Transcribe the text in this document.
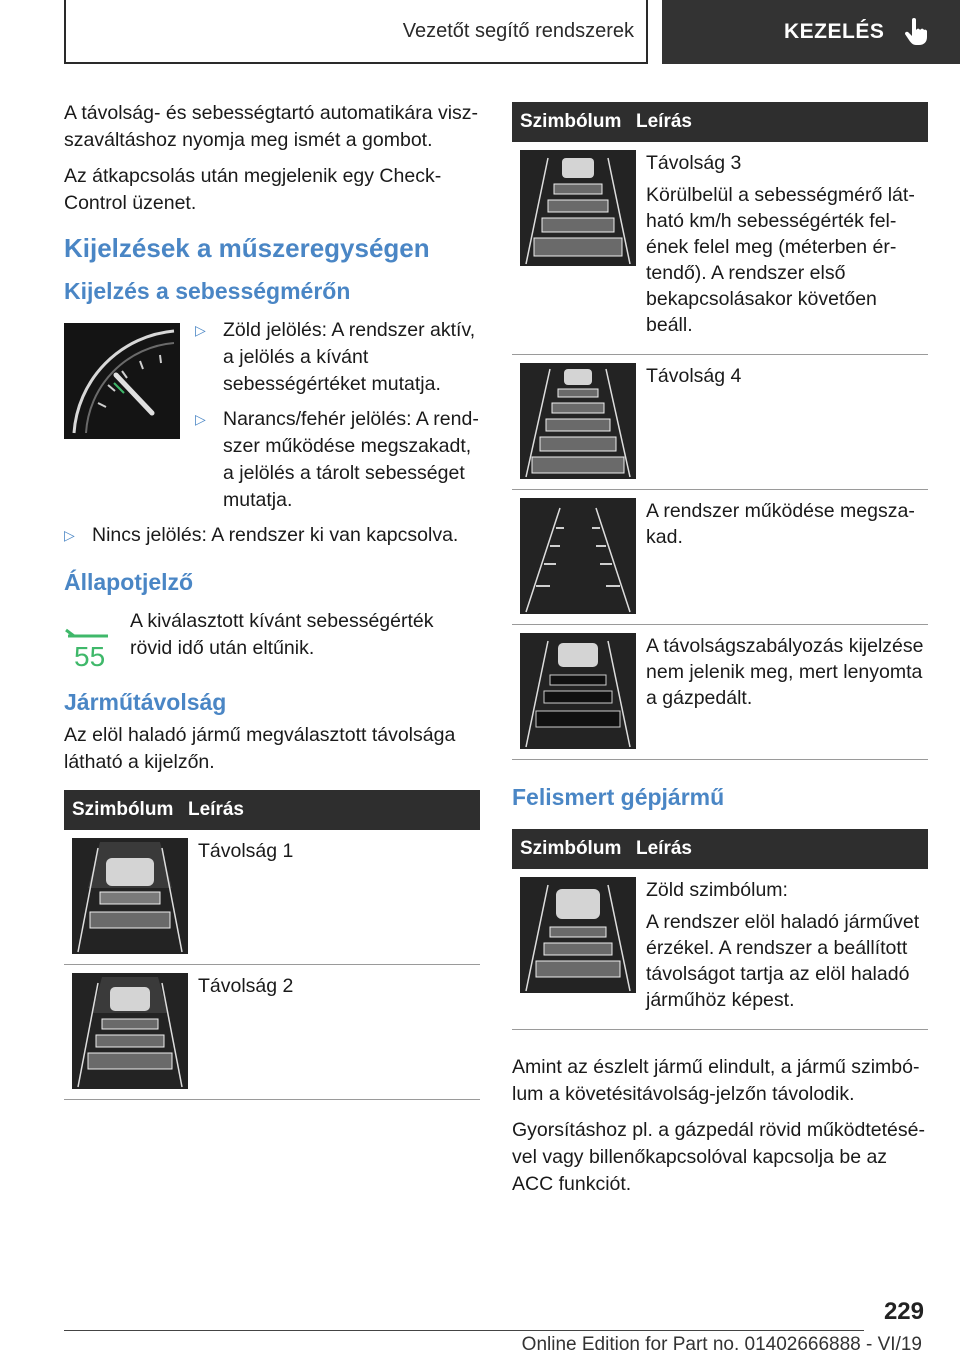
Vezetőt segítő rendszerek	KEZELÉS

A távolság- és sebességtartó automatikára viszszaváltáshoz nyomja meg ismét a gombot.

Az átkapcsolás után megjelenik egy Check-Control üzenet.

Kijelzések a műszeregységen
Kijelzés a sebességmérőn
▷ Zöld jelölés: A rendszer aktív, a jelölés a kívánt sebességértéket mutatja.
▷ Narancs/fehér jelölés: A rendszer működése megszakadt, a jelölés a tárolt sebességet mutatja.
▷ Nincs jelölés: A rendszer ki van kapcsolva.
Állapotjelző
55

A kiválasztott kívánt sebességérték rövid idő után eltűnik.

Járműtávolság

Az elöl haladó jármű megválasztott távolsága látható a kijelzőn.

Szimbólum Leírás

Távolság 1

Távolság 2

Szimbólum Leírás

Távolság 3

Körülbelül a sebességmérő látható km/h sebességérték felének felel meg (méterben értendő). A rendszer első bekapcsolásakor követően beáll.

Távolság 4

A rendszer működése megszakad.

A távolságszabályozás kijelzése nem jelenik meg, mert lenyomta a gázpedált.

Felismert gépjármű
Szimbólum Leírás

Zöld szimbólum:

A rendszer elöl haladó járművet érzékel. A rendszer a beállított távolságot tartja az elöl haladó járműhöz képest.

Amint az észlelt jármű elindult, a jármű szimbólum a követésitávolság-jelzőn távolodik.

Gyorsításhoz pl. a gázpedál rövid működtetésével vagy billenőkapcsolóval kapcsolja be az ACC funkciót.

229
Online Edition for Part no. 01402666888 - VI/19
